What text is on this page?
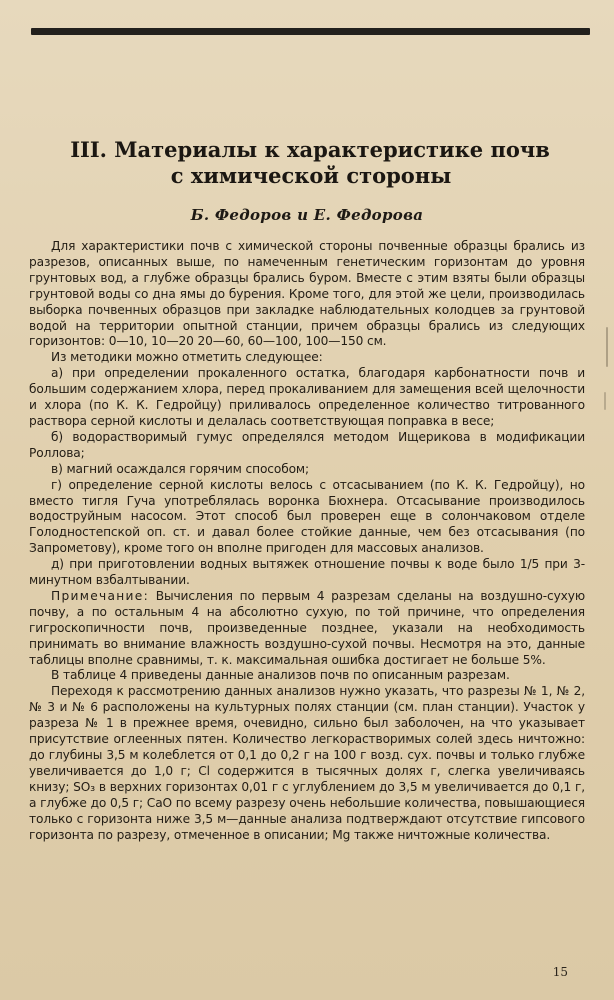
III. Материалы к характеристике почв
с химической стороны
Б. Федоров и Е. Федорова

Для характеристики почв с химической стороны почвенные образцы брались из разрезов, описанных выше, по намеченным генетическим горизонтам до уровня грунтовых вод, а глубже образцы брались буром. Вместе с этим взяты были образцы грунтовой воды со дна ямы до бурения. Кроме того, для этой же цели, производилась выборка почвенных образцов при закладке наблюдательных колодцев за грунтовой водой на территории опытной станции, причем образцы брались из следующих горизонтов: 0—10, 10—20 20—60, 60—100, 100—150 см.

Из методики можно отметить следующее:

а) при определении прокаленного остатка, благодаря карбонатности почв и большим содержанием хлора, перед прокаливанием для замещения всей щелочности и хлора (по К. К. Гедройцу) приливалось определенное количество титрованного раствора серной кислоты и делалась соответствующая поправка в весе;

б) водорастворимый гумус определялся методом Ищерикова в модификации Роллова;

в) магний осаждался горячим способом;

г) определение серной кислоты велось с отсасыванием (по К. К. Гедройцу), но вместо тигля Гуча употреблялась воронка Бюхнера. Отсасывание производилось водоструйным насосом. Этот способ был проверен еще в солончаковом отделе Голодностепской оп. ст. и давал более стойкие данные, чем без отсасывания (по Запрометову), кроме того он вполне пригоден для массовых анализов.

д) при приготовлении водных вытяжек отношение почвы к воде было 1/5 при 3-минутном взбалтывании.

Примечание: Вычисления по первым 4 разрезам сделаны на воздушно-сухую почву, а по остальным 4 на абсолютно сухую, по той причине, что определения гигроскопичности почв, произведенные позднее, указали на необходимость принимать во внимание влажность воздушно-сухой почвы. Несмотря на это, данные таблицы вполне сравнимы, т. к. максимальная ошибка достигает не больше 5%.

В таблице 4 приведены данные анализов почв по описанным разрезам.

Переходя к рассмотрению данных анализов нужно указать, что разрезы № 1, № 2, № 3 и № 6 расположены на культурных полях станции (см. план станции). Участок у разреза № 1 в прежнее время, очевидно, сильно был заболочен, на что указывает присутствие оглеенных пятен. Количество легкорастворимых солей здесь ничтожно: до глубины 3,5 м колеблется от 0,1 до 0,2 г на 100 г возд. сух. почвы и только глубже увеличивается до 1,0 г; Cl содержится в тысячных долях г, слегка увеличиваясь книзу; SO₃ в верхних горизонтах 0,01 г с углублением до 3,5 м увеличивается до 0,1 г, а глубже до 0,5 г; CaO по всему разрезу очень небольшие количества, повышающиеся только с горизонта ниже 3,5 м—данные анализа подтверждают отсутствие гипсового горизонта по разрезу, отмеченное в описании; Mg также ничтожные количества.

15
